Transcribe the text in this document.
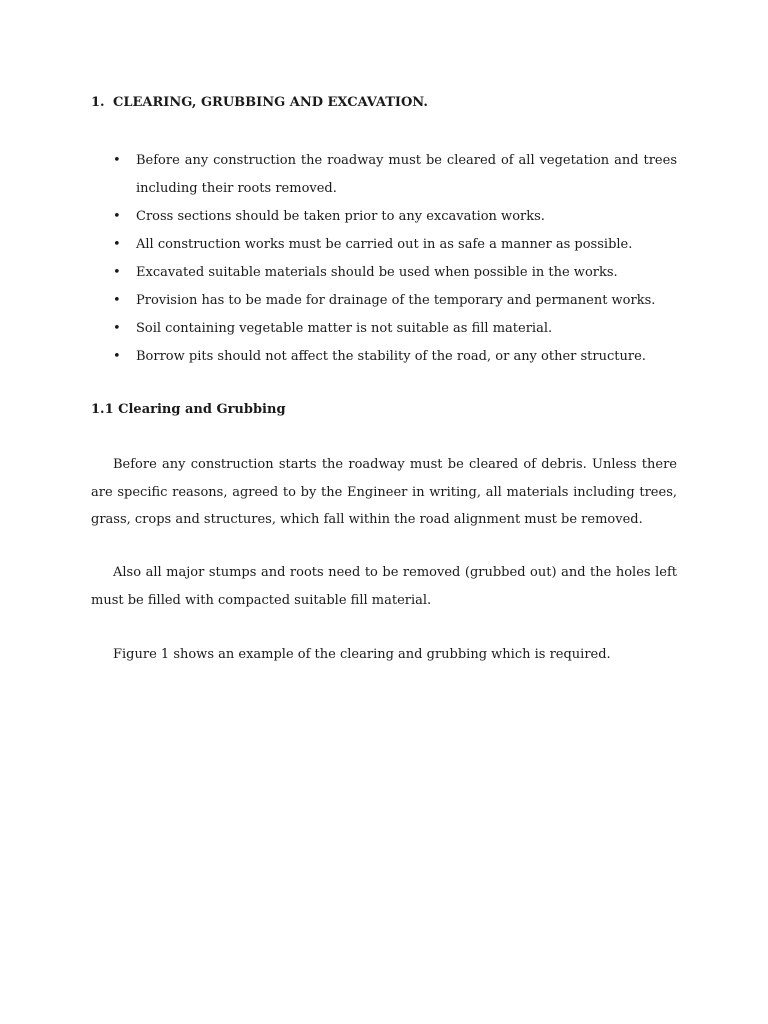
1. CLEARING, GRUBBING AND EXCAVATION.
• Before any construction the roadway must be cleared of all vegetation and trees including their roots removed.
• Cross sections should be taken prior to any excavation works.
• All construction works must be carried out in as safe a manner as possible.
• Excavated suitable materials should be used when possible in the works.
• Provision has to be made for drainage of the temporary and permanent works.
• Soil containing vegetable matter is not suitable as fill material.
• Borrow pits should not affect the stability of the road, or any other structure.
1.1 Clearing and Grubbing

Before any construction starts the roadway must be cleared of debris. Unless there are specific reasons, agreed to by the Engineer in writing, all materials including trees, grass, crops and structures, which fall within the road alignment must be removed.

Also all major stumps and roots need to be removed (grubbed out) and the holes left must be filled with compacted suitable fill material.

Figure 1 shows an example of the clearing and grubbing which is required.
